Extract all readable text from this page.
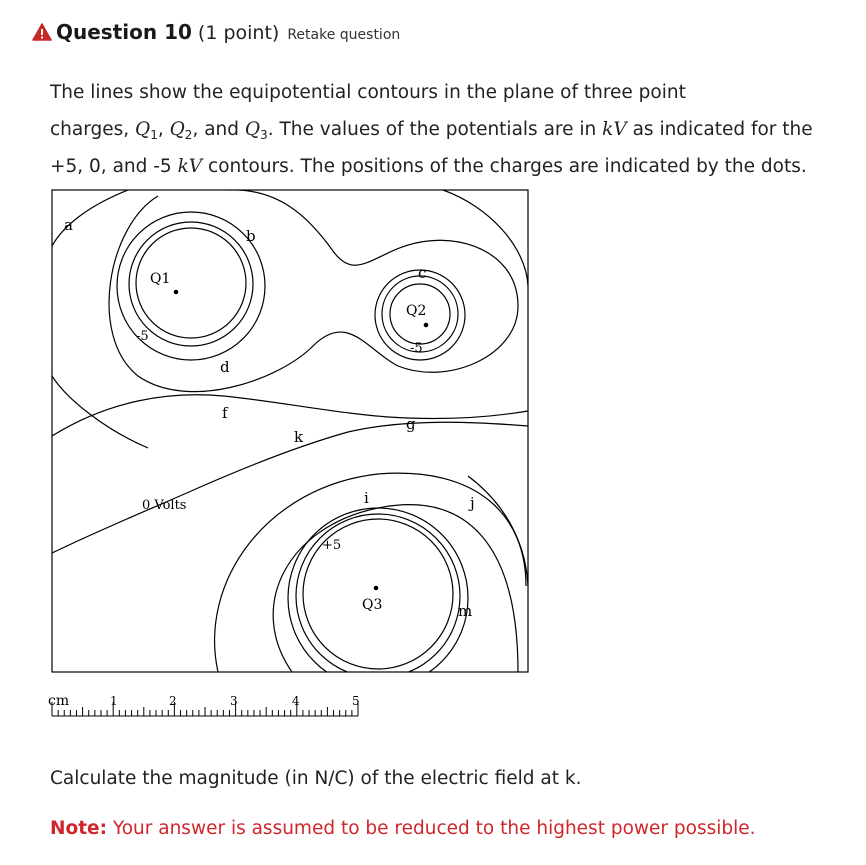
Question 10 (1 point) Retake question
The lines show the equipotential contours in the plane of three point
charges, $Q_1$, $Q_2$, and $Q_3$. The values of the potentials are in kV as indicated for the
+5, 0, and -5 kV contours. The positions of the charges are indicated by the dots.
a
b
c
d
f
g
k
i	j
m
Q1
Q2
Q3
-5
-5
0 Volts
+5
cm	1	2	3	4	5
Calculate the magnitude (in N/C) of the electric field at k.
Note: Your answer is assumed to be reduced to the highest power possible.
